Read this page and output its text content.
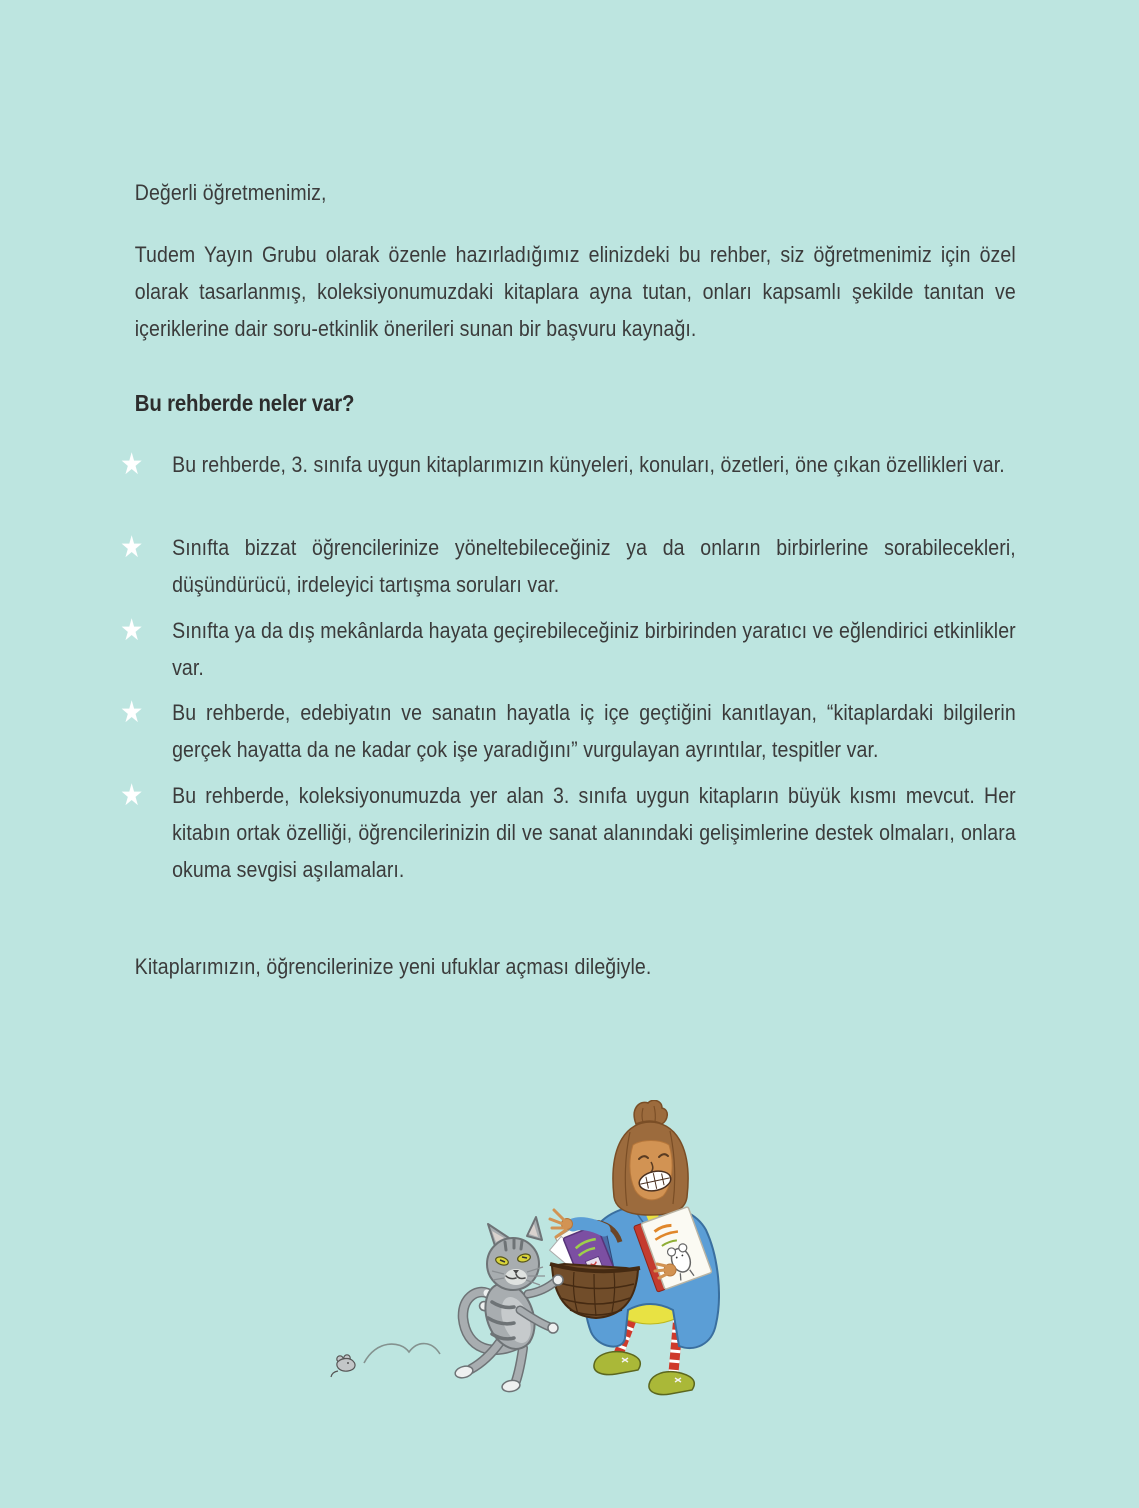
Değerli öğretmenimiz,

Tudem Yayın Grubu olarak özenle hazırladığımız elinizdeki bu rehber, siz öğretmenimiz için özel olarak tasarlanmış, koleksiyonumuzdaki kitaplara ayna tutan, onları kapsamlı şekilde tanıtan ve içeriklerine dair soru-etkinlik önerileri sunan bir başvuru kaynağı.

Bu rehberde neler var?
★	Bu rehberde, 3. sınıfa uygun kitaplarımızın künyeleri, konuları, özetleri, öne çıkan özellikleri var.
★	Sınıfta bizzat öğrencilerinize yöneltebileceğiniz ya da onların birbirlerine sorabilecekleri, düşündürücü, irdeleyici tartışma soruları var.
★	Sınıfta ya da dış mekânlarda hayata geçirebileceğiniz birbirinden yaratıcı ve eğlendirici etkinlikler var.
★	Bu rehberde, edebiyatın ve sanatın hayatla iç içe geçtiğini kanıtlayan, “kitaplardaki bilgilerin gerçek hayatta da ne kadar çok işe yaradığını” vurgulayan ayrıntılar, tespitler var.
★	Bu rehberde, koleksiyonumuzda yer alan 3. sınıfa uygun kitapların büyük kısmı mevcut. Her kitabın ortak özelliği, öğrencilerinizin dil ve sanat alanındaki gelişimlerine destek olmaları, onlara okuma sevgisi aşılamaları.

Kitaplarımızın, öğrencilerinize yeni ufuklar açması dileğiyle.
